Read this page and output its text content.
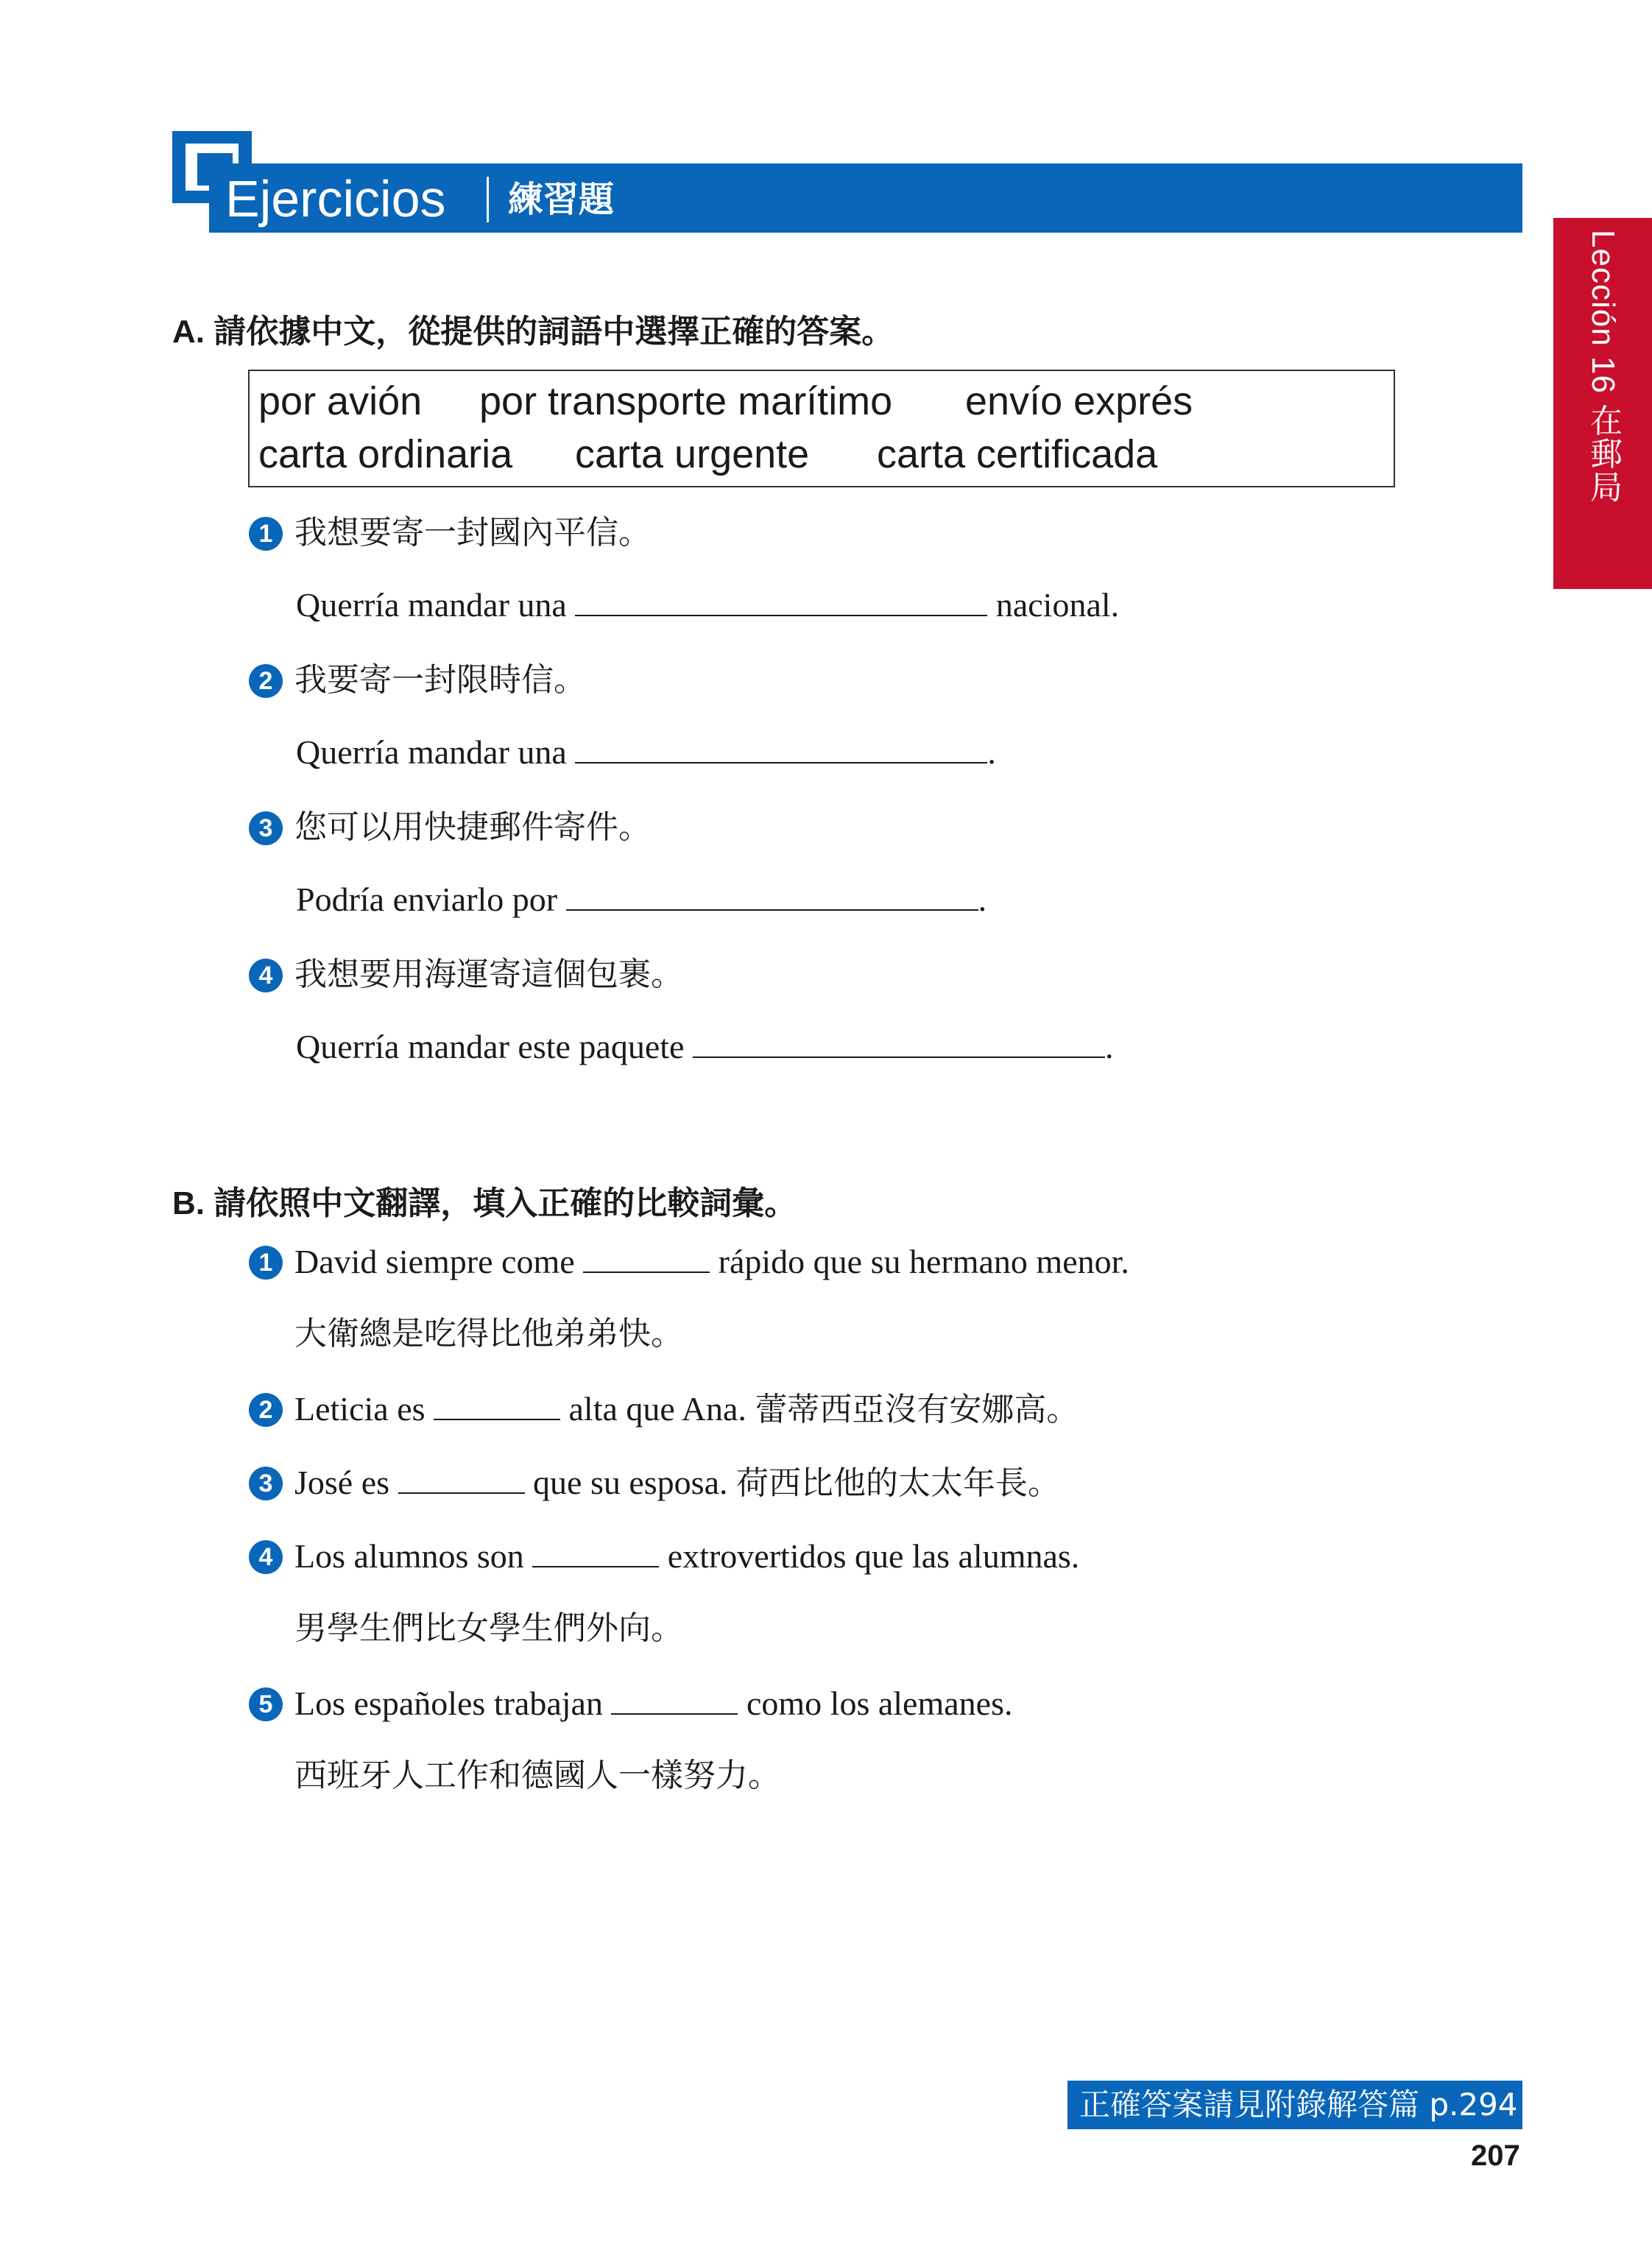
Ejercicios 練習題
Lección 16 在郵局
A. 請依據中文，從提供的詞語中選擇正確的答案。
por avión por transporte marítimo envío exprés
carta ordinaria carta urgente carta certificada
1 我想要寄一封國內平信。
Querría mandar una	nacional.
2 我要寄一封限時信。
Querría mandar una	.
3 您可以用快捷郵件寄件。
Podría enviarlo por	.
4 我想要用海運寄這個包裹。
Querría mandar este paquete	.
B. 請依照中文翻譯，填入正確的比較詞彙。
1 David siempre come	rápido que su hermano menor.
大衛總是吃得比他弟弟快。
2 Leticia es	alta que Ana. 蕾蒂西亞沒有安娜高。
3 José es	que su esposa. 荷西比他的太太年長。
4 Los alumnos son	extrovertidos que las alumnas.
男學生們比女學生們外向。
5 Los españoles trabajan	como los alemanes.
西班牙人工作和德國人一樣努力。
正確答案請見附錄解答篇 p.294
207
